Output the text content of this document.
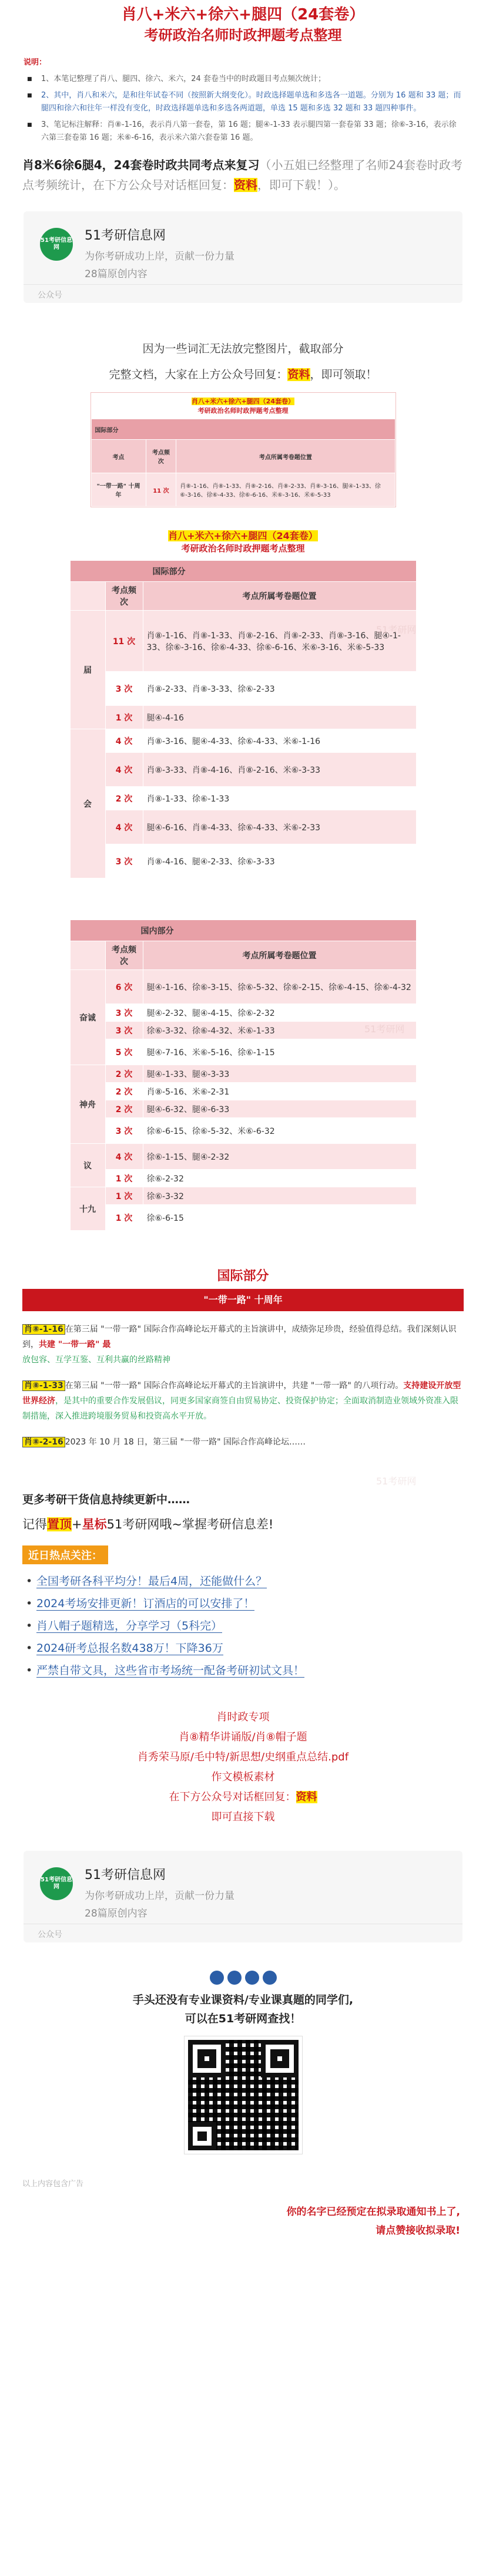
肖八+米六+徐六+腿四（24套卷）
考研政治名师时政押题考点整理
说明：
■ 1、本笔记整理了肖八、腿四、徐六、米六，24 套卷当中的时政题目考点频次统计；
■ 2、其中，肖八和米六，是和往年试卷不同（按照新大纲变化）。时政选择题单选和多选各一道题。分别为 16 题和 33 题；而腿四和徐六和往年一样没有变化，时政选择题单选和多选各两道题，单选 15 题和多选 32 题和 33 题四种事件。
■ 3、笔记标注解释：肖⑧-1-16，表示肖八第一套卷，第 16 题；腿④-1-33 表示腿四第一套卷第 33 题；徐⑥-3-16，表示徐六第三套卷第 16 题；米⑥-6-16，表示米六第六套卷第 16 题。
肖8米6徐6腿4，24套卷时政共同考点来复习（小五姐已经整理了名师24套卷时政考点考频统计，在下方公众号对话框回复：资料，即可下载！）。
51考研信息网
51考研信息网
为你考研成功上岸，贡献一份力量
28篇原创内容
公众号
因为一些词汇无法放完整图片，截取部分
完整文档，大家在上方公众号回复：资料，即可领取！
肖八+米六+徐六+腿四（24套卷）
考研政治名师时政押题考点整理
国际部分		
考点	考点频次	考点所属考卷题位置
"一带一路" 十周年	11 次	肖⑧-1-16、肖⑧-1-33、肖⑧-2-16、肖⑧-2-33、肖⑧-3-16、腿④-1-33、徐⑥-3-16、徐⑥-4-33、徐⑥-6-16、米⑥-3-16、米⑥-5-33
肖八+米六+徐六+腿四（24套卷）
考研政治名师时政押题考点整理
国际部分		
	考点频次	考点所属考卷题位置
届	11 次	肖⑧-1-16、肖⑧-1-33、肖⑧-2-16、肖⑧-2-33、肖⑧-3-16、腿④-1-33、徐⑥-3-16、徐⑥-4-33、徐⑥-6-16、米⑥-3-16、米⑥-5-33
	3 次	肖⑧-2-33、肖⑧-3-33、徐⑥-2-33
	1 次	腿④-4-16
会	4 次	肖⑧-3-16、腿④-4-33、徐⑥-4-33、米⑥-1-16
	4 次	肖⑧-3-33、肖⑧-4-16、肖⑧-2-16、米⑥-3-33
	2 次	肖⑧-1-33、徐⑥-1-33
	4 次	腿④-6-16、肖⑧-4-33、徐⑥-4-33、米⑥-2-33
	3 次	肖⑧-4-16、腿④-2-33、徐⑥-3-33
国内部分		
	考点频次	考点所属考卷题位置
奋诚	6 次	腿④-1-16、徐⑥-3-15、徐⑥-5-32、徐⑥-2-15、徐⑥-4-15、徐⑥-4-32
	3 次	腿④-2-32、腿④-4-15、徐⑥-2-32
	3 次	徐⑥-3-32、徐⑥-4-32、米⑥-1-33
	5 次	腿④-7-16、米⑥-5-16、徐⑥-1-15
神舟	2 次	腿④-1-33、腿④-3-33
	2 次	肖⑧-5-16、米⑥-2-31
	2 次	腿④-6-32、腿④-6-33
	3 次	徐⑥-6-15、徐⑥-5-32、米⑥-6-32
议	4 次	徐⑥-1-15、腿④-2-32
	1 次	徐⑥-2-32
十九	1 次	徐⑥-3-32
	1 次	徐⑥-6-15
国际部分
"一带一路" 十周年

肖⑧-1-16 在第三届 "一带一路" 国际合作高峰论坛开幕式的主旨演讲中，成绩弥足珍贵，经验值得总结。我们深刻认识到，共建 "一带一路" 最
放包容、互学互鉴、互利共赢的丝路精神

肖⑧-1-33 在第三届 "一带一路" 国际合作高峰论坛开幕式的主旨演讲中，共建 "一带一路" 的八项行动。支持建设开放型世界经济，是其中的重要合作发展倡议，同更多国家商签自由贸易协定、投资保护协定；全面取消制造业领域外资准入限制措施，深入推进跨境服务贸易和投资高水平开放。

肖⑧-2-16 2023 年 10 月 18 日，第三届 "一带一路" 国际合作高峰论坛……

更多考研干货信息持续更新中……
记得置顶+星标51考研网哦~掌握考研信息差!
近日热点关注：
• 全国考研各科平均分！最后4周，还能做什么？
• 2024考场安排更新！订酒店的可以安排了！
• 肖八帽子题精选，分享学习（5科完）
• 2024研考总报名数438万！下降36万
• 严禁自带文具，这些省市考场统一配备考研初试文具！
肖时政专项
肖⑧精华讲诵版/肖⑧帽子题
肖秀荣马原/毛中特/新思想/史纲重点总结.pdf
作文模板素材
在下方公众号对话框回复：资料
即可直接下载
51考研信息网
51考研信息网
为你考研成功上岸，贡献一份力量
28篇原创内容
公众号
手头还没有专业课资料/专业课真题的同学们,
可以在51考研网查找！
以上内容包含广告
你的名字已经预定在拟录取通知书上了,
请点赞接收拟录取!
51考研网
51考研网
51考研网
